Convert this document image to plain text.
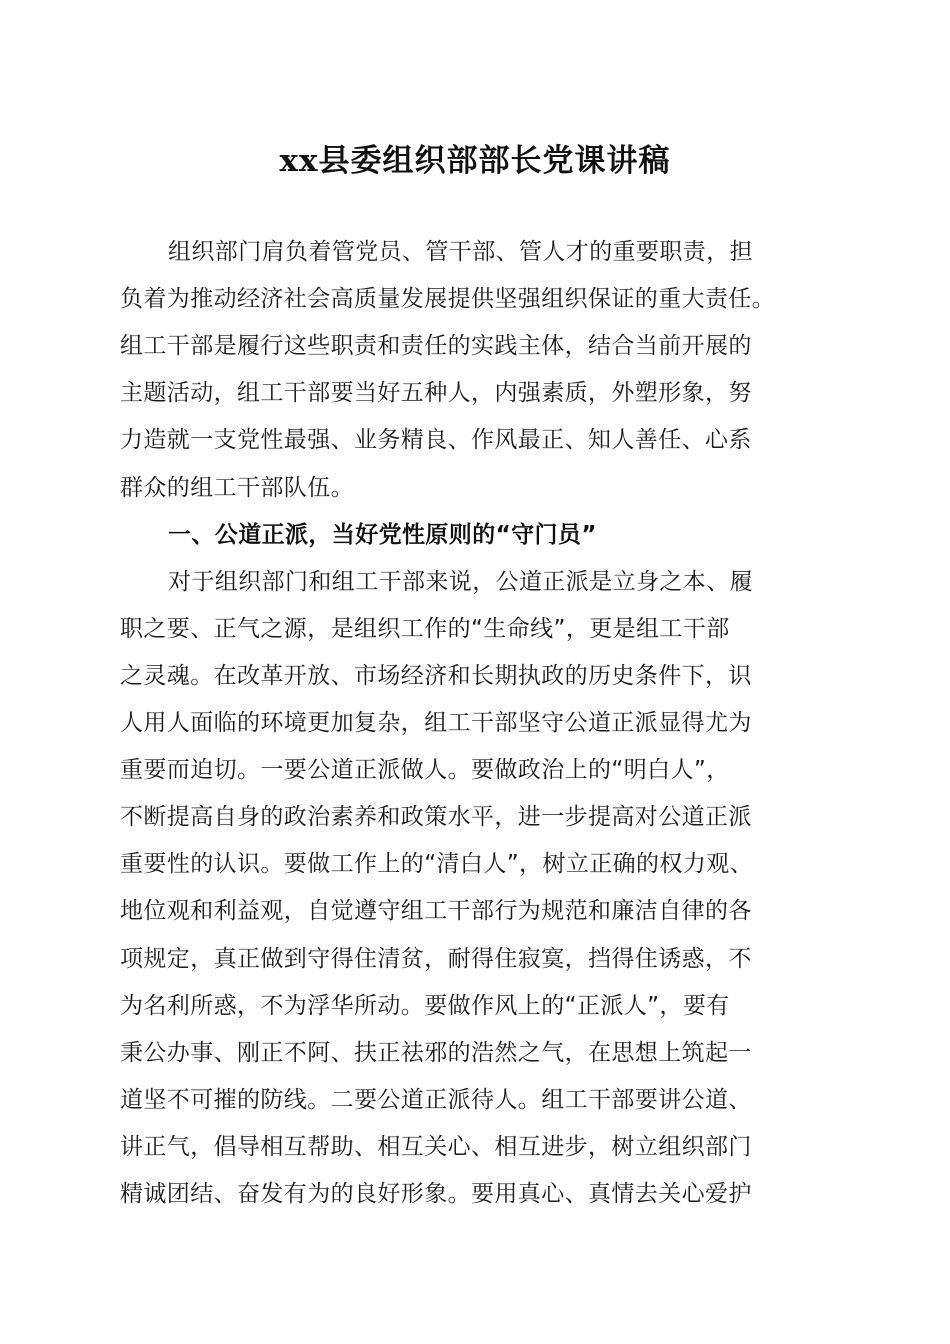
xx县委组织部部长党课讲稿
组织部门肩负着管党员、管干部、管人才的重要职责，担
负着为推动经济社会高质量发展提供坚强组织保证的重大责任。
组工干部是履行这些职责和责任的实践主体，结合当前开展的
主题活动，组工干部要当好五种人，内强素质，外塑形象，努
力造就一支党性最强、业务精良、作风最正、知人善任、心系
群众的组工干部队伍。
一、公道正派，当好党性原则的“守门员”
对于组织部门和组工干部来说，公道正派是立身之本、履
职之要、正气之源，是组织工作的“生命线”，更是组工干部
之灵魂。在改革开放、市场经济和长期执政的历史条件下，识
人用人面临的环境更加复杂，组工干部坚守公道正派显得尤为
重要而迫切。一要公道正派做人。要做政治上的“明白人”，
不断提高自身的政治素养和政策水平，进一步提高对公道正派
重要性的认识。要做工作上的“清白人”，树立正确的权力观、
地位观和利益观，自觉遵守组工干部行为规范和廉洁自律的各
项规定，真正做到守得住清贫，耐得住寂寞，挡得住诱惑，不
为名利所惑，不为浮华所动。要做作风上的“正派人”，要有
秉公办事、刚正不阿、扶正祛邪的浩然之气，在思想上筑起一
道坚不可摧的防线。二要公道正派待人。组工干部要讲公道、
讲正气，倡导相互帮助、相互关心、相互进步，树立组织部门
精诚团结、奋发有为的良好形象。要用真心、真情去关心爱护
